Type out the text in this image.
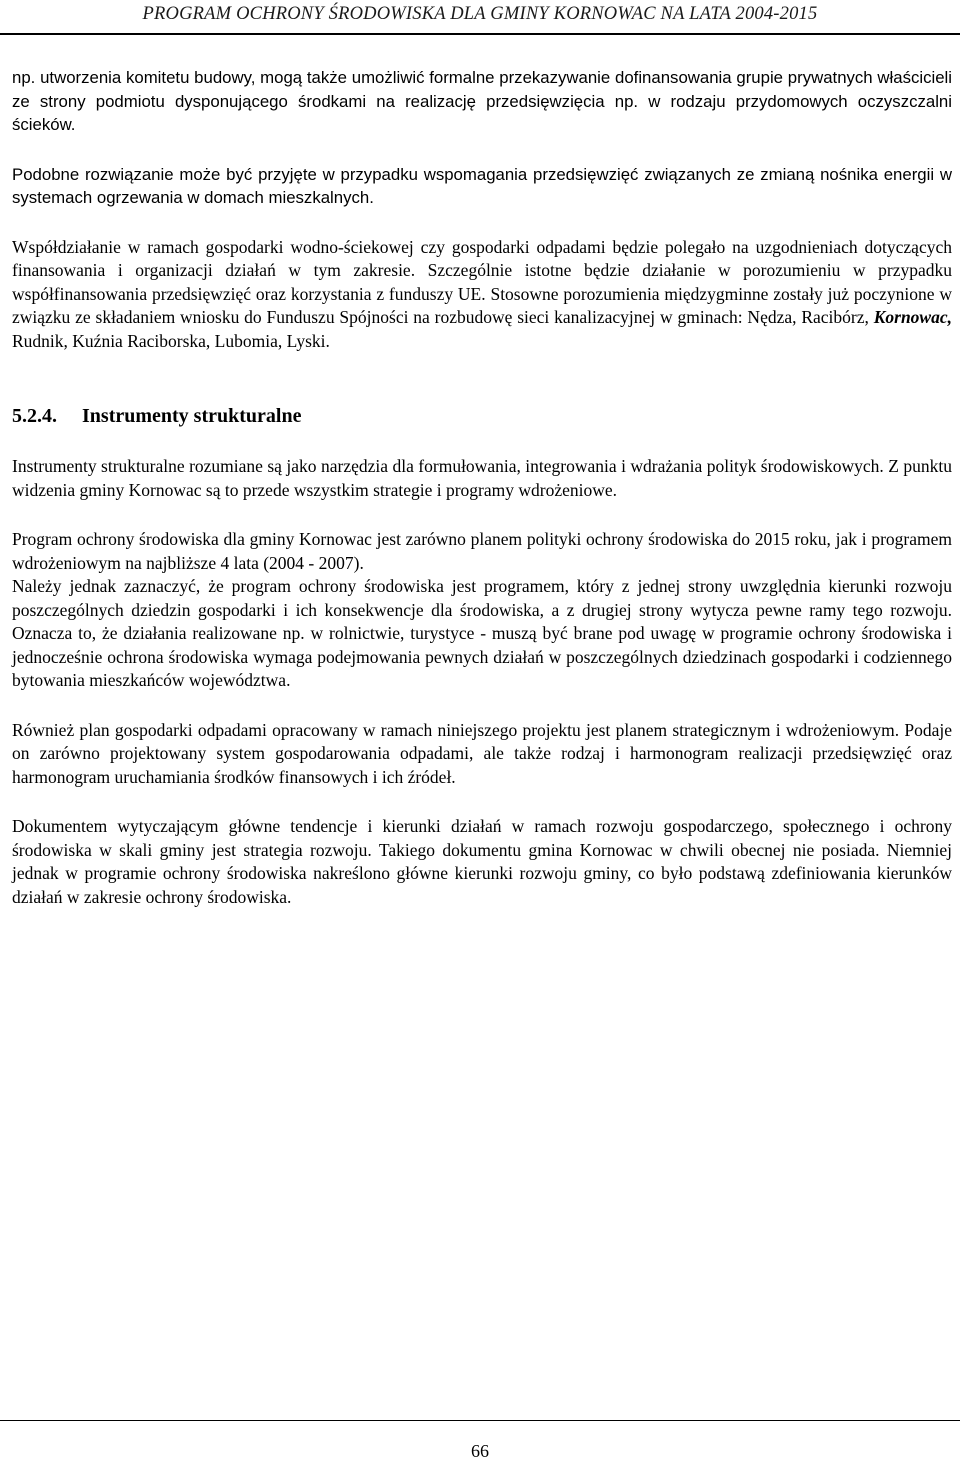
PROGRAM OCHRONY ŚRODOWISKA DLA GMINY KORNOWAC NA LATA 2004-2015

np. utworzenia komitetu budowy, mogą także umożliwić formalne przekazywanie dofinansowania grupie prywatnych właścicieli ze strony podmiotu dysponującego środkami na realizację przedsięwzięcia np. w rodzaju przydomowych oczyszczalni ścieków.

Podobne rozwiązanie może być przyjęte w przypadku wspomagania przedsięwzięć związanych ze zmianą nośnika energii w systemach ogrzewania w domach mieszkalnych.

Współdziałanie w ramach gospodarki wodno-ściekowej czy gospodarki odpadami będzie polegało na uzgodnieniach dotyczących finansowania i organizacji działań w tym zakresie. Szczególnie istotne będzie działanie w porozumieniu w przypadku współfinansowania przedsięwzięć oraz korzystania z funduszy UE. Stosowne porozumienia międzygminne zostały już poczynione w związku ze składaniem wniosku do Funduszu Spójności na rozbudowę sieci kanalizacyjnej w gminach: Nędza, Racibórz, Kornowac, Rudnik, Kuźnia Raciborska, Lubomia, Lyski.

5.2.4. Instrumenty strukturalne

Instrumenty strukturalne rozumiane są jako narzędzia dla formułowania, integrowania i wdrażania polityk środowiskowych. Z punktu widzenia gminy Kornowac są to przede wszystkim strategie i programy wdrożeniowe.

Program ochrony środowiska dla gminy Kornowac jest zarówno planem polityki ochrony środowiska do 2015 roku, jak i programem wdrożeniowym na najbliższe 4 lata (2004 - 2007).

Należy jednak zaznaczyć, że program ochrony środowiska jest programem, który z jednej strony uwzględnia kierunki rozwoju poszczególnych dziedzin gospodarki i ich konsekwencje dla środowiska, a z drugiej strony wytycza pewne ramy tego rozwoju. Oznacza to, że działania realizowane np. w rolnictwie, turystyce - muszą być brane pod uwagę w programie ochrony środowiska i jednocześnie ochrona środowiska wymaga podejmowania pewnych działań w poszczególnych dziedzinach gospodarki i codziennego bytowania mieszkańców województwa.

Również plan gospodarki odpadami opracowany w ramach niniejszego projektu jest planem strategicznym i wdrożeniowym. Podaje on zarówno projektowany system gospodarowania odpadami, ale także rodzaj i harmonogram realizacji przedsięwzięć oraz harmonogram uruchamiania środków finansowych i ich źródeł.

Dokumentem wytyczającym główne tendencje i kierunki działań w ramach rozwoju gospodarczego, społecznego i ochrony środowiska w skali gminy jest strategia rozwoju. Takiego dokumentu gmina Kornowac w chwili obecnej nie posiada. Niemniej jednak w programie ochrony środowiska nakreślono główne kierunki rozwoju gminy, co było podstawą zdefiniowania kierunków działań w zakresie ochrony środowiska.

66
